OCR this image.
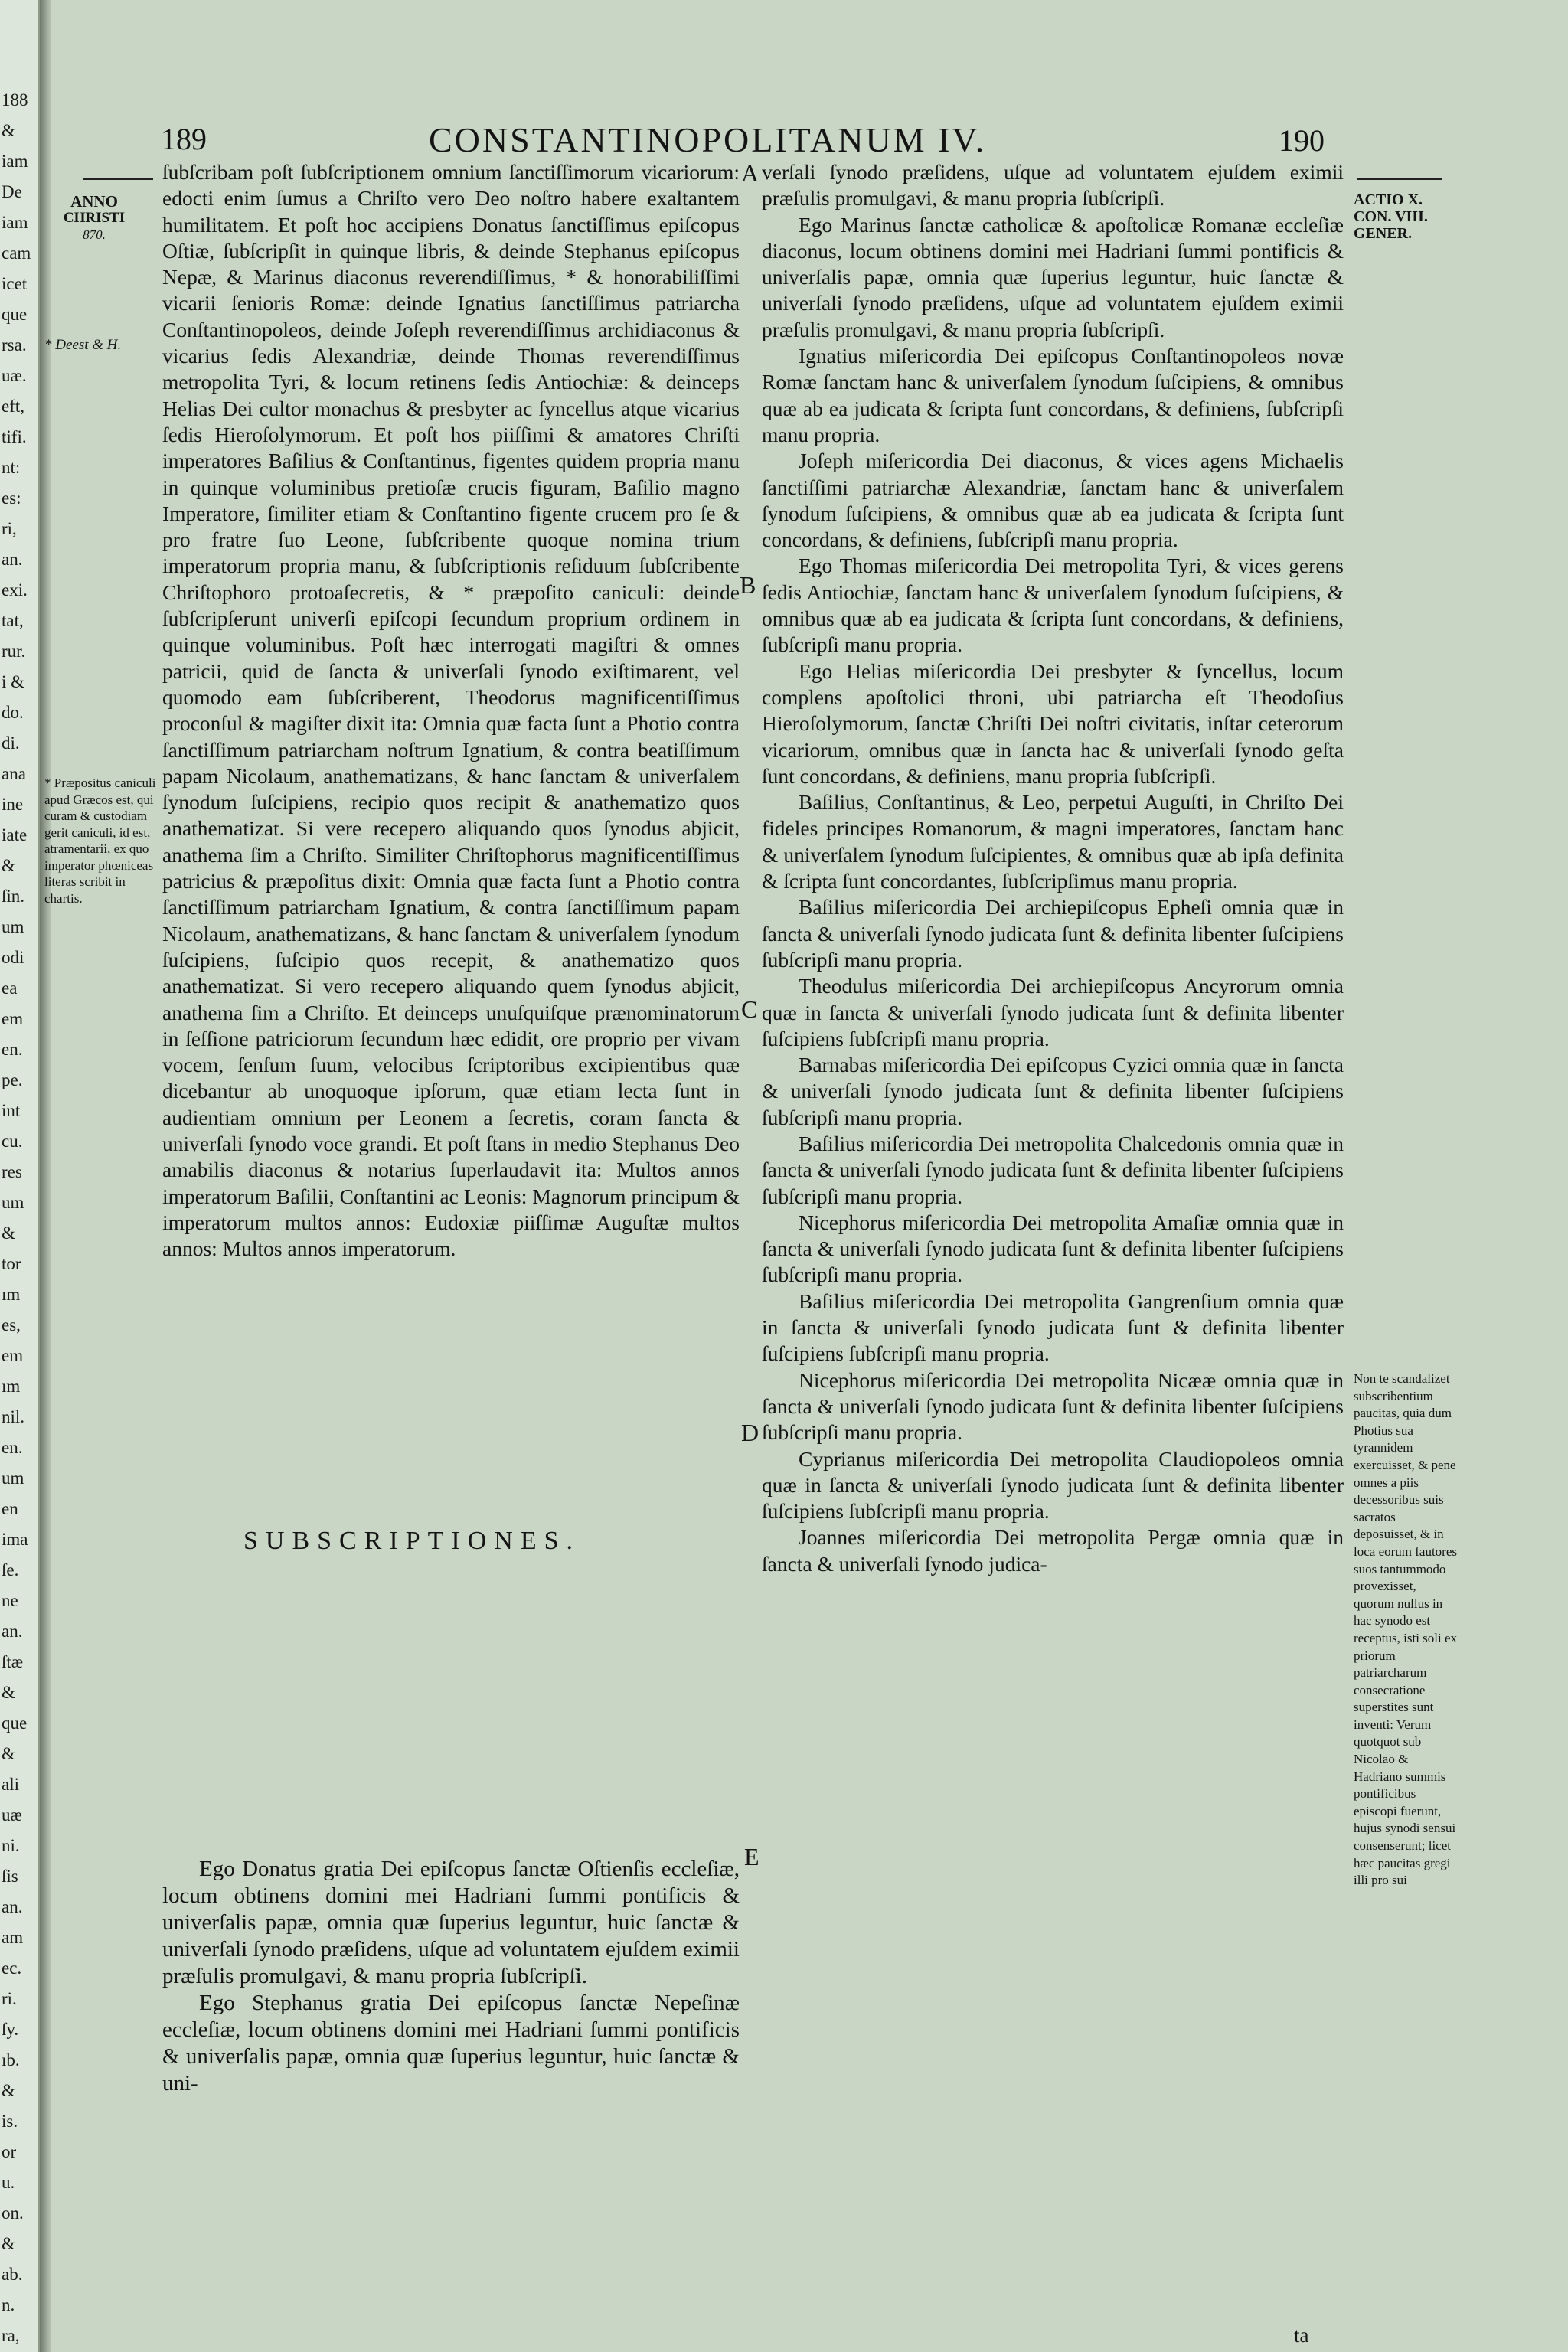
188
&
iam
De
iam
cam
icet
que
rsa.
uæ.
eft,
tifi.
nt:
es:
ri,
an.
exi.
tat,
rur.
i &
do.
di.
ana
ine
iate
&
ſin.
um
odi
ea
em
en.
pe.
int
cu.
res
um
&
tor
ım
es,
em
ım
nil.
en.
um
en
ima
ſe.
ne
an.
ſtæ
&
que
&
ali
uæ
ni.
ſis
an.
am
ec.
ri.
ſy.
ıb.
&
is.
or
u.
on.
&
ab.
n.
ra,
189	CONSTANTINOPOLITANUM IV.	190
ANNO
CHRISTI
870.
* Deest & H.
* Præpositus caniculi apud Græcos est, qui curam & custodiam gerit caniculi, id est, atramentarii, ex quo imperator phœniceas literas scribit in chartis.
ACTIO X.
CON. VIII.
GENER.
Non te scandalizet subscribentium paucitas, quia dum Photius sua tyrannidem exercuisset, & pene omnes a piis decessoribus suis sacratos deposuisset, & in loca eorum fautores suos tantummodo provexisset, quorum nullus in hac synodo est receptus, isti soli ex priorum patriarcharum consecratione superstites sunt inventi: Verum quotquot sub Nicolao & Hadriano summis pontificibus episcopi fuerunt, hujus synodi sensui consenserunt; licet hæc paucitas gregi illi pro sui
A
B
C
D
E

ſubſcribam poſt ſubſcriptionem omnium ſanctiſſimorum vicariorum: edocti enim ſumus a Chriſto vero Deo noſtro habere exaltantem humilitatem. Et poſt hoc accipiens Donatus ſanctiſſimus epiſcopus Oſtiæ, ſubſcripſit in quinque libris, & deinde Stephanus epiſcopus Nepæ, & Marinus diaconus reverendiſſimus, * & honorabiliſſimi vicarii ſenioris Romæ: deinde Ignatius ſanctiſſimus patriarcha Conſtantinopoleos, deinde Joſeph reverendiſſimus archidiaconus & vicarius ſedis Alexandriæ, deinde Thomas reverendiſſimus metropolita Tyri, & locum retinens ſedis Antiochiæ: & deinceps Helias Dei cultor monachus & presbyter ac ſyncellus atque vicarius ſedis Hieroſolymorum. Et poſt hos piiſſimi & amatores Chriſti imperatores Baſilius & Conſtantinus, figentes quidem propria manu in quinque voluminibus pretioſæ crucis figuram, Baſilio magno Imperatore, ſimiliter etiam & Conſtantino figente crucem pro ſe & pro fratre ſuo Leone, ſubſcribente quoque nomina trium imperatorum propria manu, & ſubſcriptionis reſiduum ſubſcribente Chriſtophoro protoaſecretis, & * præpoſito caniculi: deinde ſubſcripſerunt univerſi epiſcopi ſecundum proprium ordinem in quinque voluminibus. Poſt hæc interrogati magiſtri & omnes patricii, quid de ſancta & univerſali ſynodo exiſtimarent, vel quomodo eam ſubſcriberent, Theodorus magnificentiſſimus proconſul & magiſter dixit ita: Omnia quæ facta ſunt a Photio contra ſanctiſſimum patriarcham noſtrum Ignatium, & contra beatiſſimum papam Nicolaum, anathematizans, & hanc ſanctam & univerſalem ſynodum ſuſcipiens, recipio quos recipit & anathematizo quos anathematizat. Si vere recepero aliquando quos ſynodus abjicit, anathema ſim a Chriſto. Similiter Chriſtophorus magnificentiſſimus patricius & præpoſitus dixit: Omnia quæ facta ſunt a Photio contra ſanctiſſimum patriarcham Ignatium, & contra ſanctiſſimum papam Nicolaum, anathematizans, & hanc ſanctam & univerſalem ſynodum ſuſcipiens, ſuſcipio quos recepit, & anathematizo quos anathematizat. Si vero recepero aliquando quem ſynodus abjicit, anathema ſim a Chriſto. Et deinceps unuſquiſque prænominatorum in ſeſſione patriciorum ſecundum hæc edidit, ore proprio per vivam vocem, ſenſum ſuum, velocibus ſcriptoribus excipientibus quæ dicebantur ab unoquoque ipſorum, quæ etiam lecta ſunt in audientiam omnium per Leonem a ſecretis, coram ſancta & univerſali ſynodo voce grandi. Et poſt ſtans in medio Stephanus Deo amabilis diaconus & notarius ſuperlaudavit ita: Multos annos imperatorum Baſilii, Conſtantini ac Leonis: Magnorum principum & imperatorum multos annos: Eudoxiæ piiſſimæ Auguſtæ multos annos: Multos annos imperatorum.

SUBSCRIPTIONES.

Ego Donatus gratia Dei epiſcopus ſanctæ Oſtienſis eccleſiæ, locum obtinens domini mei Hadriani ſummi pontificis & univerſalis papæ, omnia quæ ſuperius leguntur, huic ſanctæ & univerſali ſynodo præſidens, uſque ad voluntatem ejuſdem eximii præſulis promulgavi, & manu propria ſubſcripſi.

Ego Stephanus gratia Dei epiſcopus ſanctæ Nepeſinæ eccleſiæ, locum obtinens domini mei Hadriani ſummi pontificis & univerſalis papæ, omnia quæ ſuperius leguntur, huic ſanctæ & uni-

verſali ſynodo præſidens, uſque ad voluntatem ejuſdem eximii præſulis promulgavi, & manu propria ſubſcripſi.

Ego Marinus ſanctæ catholicæ & apoſtolicæ Romanæ eccleſiæ diaconus, locum obtinens domini mei Hadriani ſummi pontificis & univerſalis papæ, omnia quæ ſuperius leguntur, huic ſanctæ & univerſali ſynodo præſidens, uſque ad voluntatem ejuſdem eximii præſulis promulgavi, & manu propria ſubſcripſi.

Ignatius miſericordia Dei epiſcopus Conſtantinopoleos novæ Romæ ſanctam hanc & univerſalem ſynodum ſuſcipiens, & omnibus quæ ab ea judicata & ſcripta ſunt concordans, & definiens, ſubſcripſi manu propria.

Joſeph miſericordia Dei diaconus, & vices agens Michaelis ſanctiſſimi patriarchæ Alexandriæ, ſanctam hanc & univerſalem ſynodum ſuſcipiens, & omnibus quæ ab ea judicata & ſcripta ſunt concordans, & definiens, ſubſcripſi manu propria.

Ego Thomas miſericordia Dei metropolita Tyri, & vices gerens ſedis Antiochiæ, ſanctam hanc & univerſalem ſynodum ſuſcipiens, & omnibus quæ ab ea judicata & ſcripta ſunt concordans, & definiens, ſubſcripſi manu propria.

Ego Helias miſericordia Dei presbyter & ſyncellus, locum complens apoſtolici throni, ubi patriarcha eſt Theodoſius Hieroſolymorum, ſanctæ Chriſti Dei noſtri civitatis, inſtar ceterorum vicariorum, omnibus quæ in ſancta hac & univerſali ſynodo geſta ſunt concordans, & definiens, manu propria ſubſcripſi.

Baſilius, Conſtantinus, & Leo, perpetui Auguſti, in Chriſto Dei fideles principes Romanorum, & magni imperatores, ſanctam hanc & univerſalem ſynodum ſuſcipientes, & omnibus quæ ab ipſa definita & ſcripta ſunt concordantes, ſubſcripſimus manu propria.

Baſilius miſericordia Dei archiepiſcopus Epheſi omnia quæ in ſancta & univerſali ſynodo judicata ſunt & definita libenter ſuſcipiens ſubſcripſi manu propria.

Theodulus miſericordia Dei archiepiſcopus Ancyrorum omnia quæ in ſancta & univerſali ſynodo judicata ſunt & definita libenter ſuſcipiens ſubſcripſi manu propria.

Barnabas miſericordia Dei epiſcopus Cyzici omnia quæ in ſancta & univerſali ſynodo judicata ſunt & definita libenter ſuſcipiens ſubſcripſi manu propria.

Baſilius miſericordia Dei metropolita Chalcedonis omnia quæ in ſancta & univerſali ſynodo judicata ſunt & definita libenter ſuſcipiens ſubſcripſi manu propria.

Nicephorus miſericordia Dei metropolita Amaſiæ omnia quæ in ſancta & univerſali ſynodo judicata ſunt & definita libenter ſuſcipiens ſubſcripſi manu propria.

Baſilius miſericordia Dei metropolita Gangrenſium omnia quæ in ſancta & univerſali ſynodo judicata ſunt & definita libenter ſuſcipiens ſubſcripſi manu propria.

Nicephorus miſericordia Dei metropolita Nicææ omnia quæ in ſancta & univerſali ſynodo judicata ſunt & definita libenter ſuſcipiens ſubſcripſi manu propria.

Cyprianus miſericordia Dei metropolita Claudiopoleos omnia quæ in ſancta & univerſali ſynodo judicata ſunt & definita libenter ſuſcipiens ſubſcripſi manu propria.

Joannes miſericordia Dei metropolita Pergæ omnia quæ in ſancta & univerſali ſynodo judica-

ta
